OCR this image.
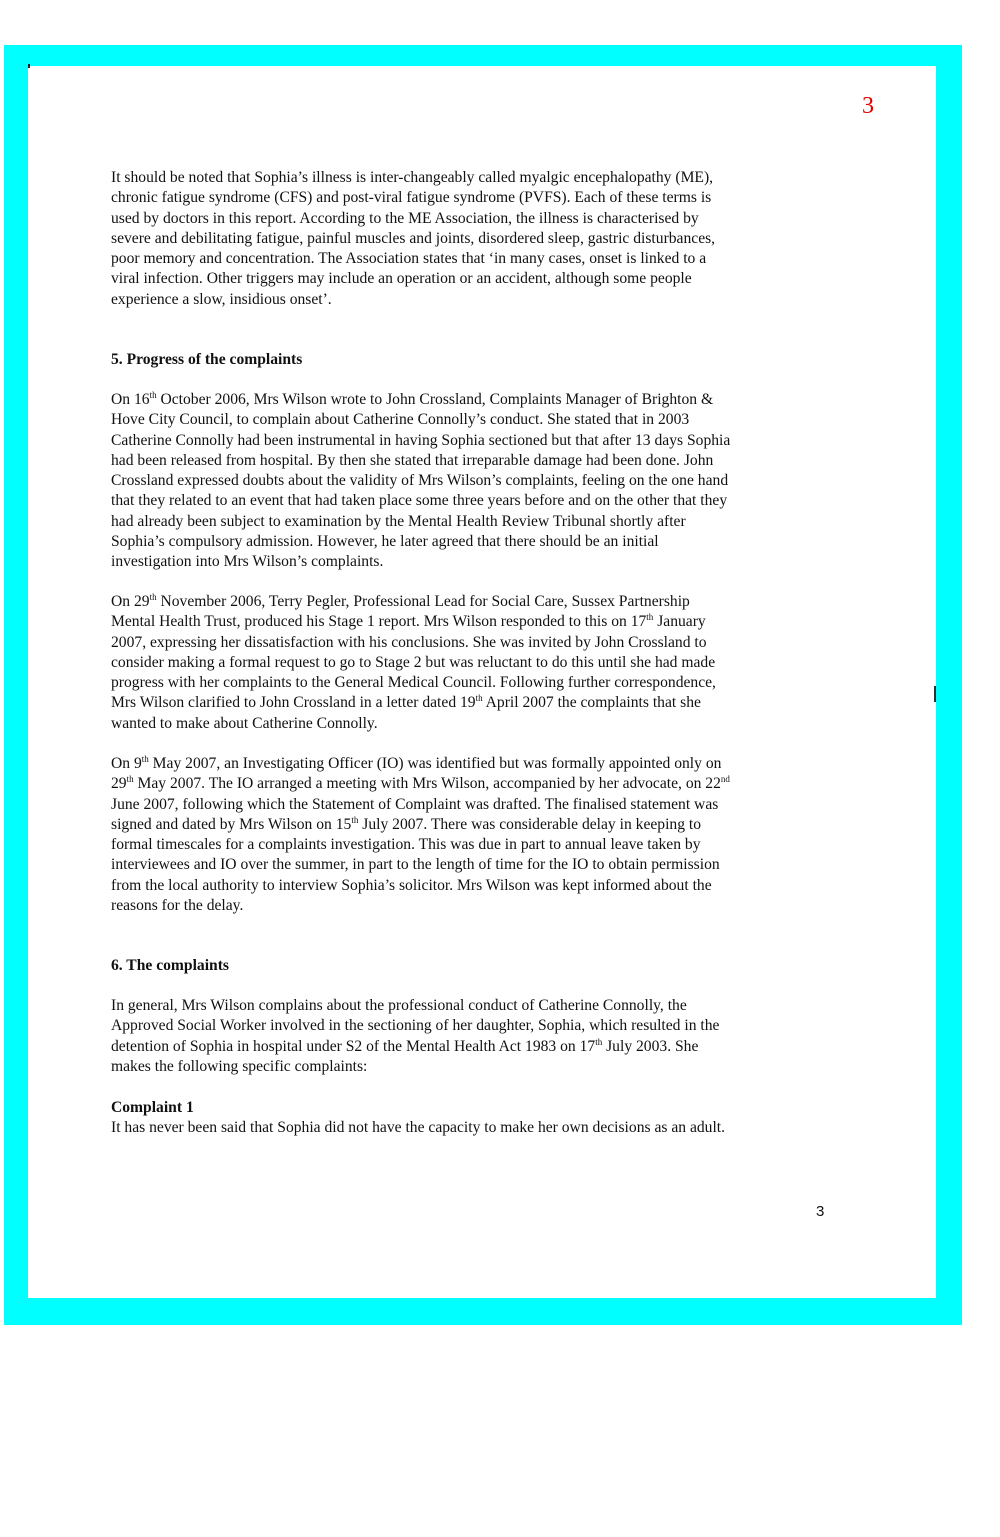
3

It should be noted that Sophia’s illness is inter-changeably called myalgic encephalopathy (ME),

chronic fatigue syndrome (CFS) and post-viral fatigue syndrome (PVFS). Each of these terms is

used by doctors in this report. According to the ME Association, the illness is characterised by

severe and debilitating fatigue, painful muscles and joints, disordered sleep, gastric disturbances,

poor memory and concentration. The Association states that ‘in many cases, onset is linked to a

viral infection. Other triggers may include an operation or an accident, although some people

experience a slow, insidious onset’.

5. Progress of the complaints

On 16th October 2006, Mrs Wilson wrote to John Crossland, Complaints Manager of Brighton &

Hove City Council, to complain about Catherine Connolly’s conduct. She stated that in 2003

Catherine Connolly had been instrumental in having Sophia sectioned but that after 13 days Sophia

had been released from hospital. By then she stated that irreparable damage had been done. John

Crossland expressed doubts about the validity of Mrs Wilson’s complaints, feeling on the one hand

that they related to an event that had taken place some three years before and on the other that they

had already been subject to examination by the Mental Health Review Tribunal shortly after

Sophia’s compulsory admission. However, he later agreed that there should be an initial

investigation into Mrs Wilson’s complaints.

On 29th November 2006, Terry Pegler, Professional Lead for Social Care, Sussex Partnership

Mental Health Trust, produced his Stage 1 report. Mrs Wilson responded to this on 17th January

2007, expressing her dissatisfaction with his conclusions. She was invited by John Crossland to

consider making a formal request to go to Stage 2 but was reluctant to do this until she had made

progress with her complaints to the General Medical Council. Following further correspondence,

Mrs Wilson clarified to John Crossland in a letter dated 19th April 2007 the complaints that she

wanted to make about Catherine Connolly.

On 9th May 2007, an Investigating Officer (IO) was identified but was formally appointed only on

29th May 2007. The IO arranged a meeting with Mrs Wilson, accompanied by her advocate, on 22nd

June 2007, following which the Statement of Complaint was drafted. The finalised statement was

signed and dated by Mrs Wilson on 15th July 2007. There was considerable delay in keeping to

formal timescales for a complaints investigation. This was due in part to annual leave taken by

interviewees and IO over the summer, in part to the length of time for the IO to obtain permission

from the local authority to interview Sophia’s solicitor. Mrs Wilson was kept informed about the

reasons for the delay.

6. The complaints

In general, Mrs Wilson complains about the professional conduct of Catherine Connolly, the

Approved Social Worker involved in the sectioning of her daughter, Sophia, which resulted in the

detention of Sophia in hospital under S2 of the Mental Health Act 1983 on 17th July 2003. She

makes the following specific complaints:

Complaint 1
It has never been said that Sophia did not have the capacity to make her own decisions as an adult.
3
